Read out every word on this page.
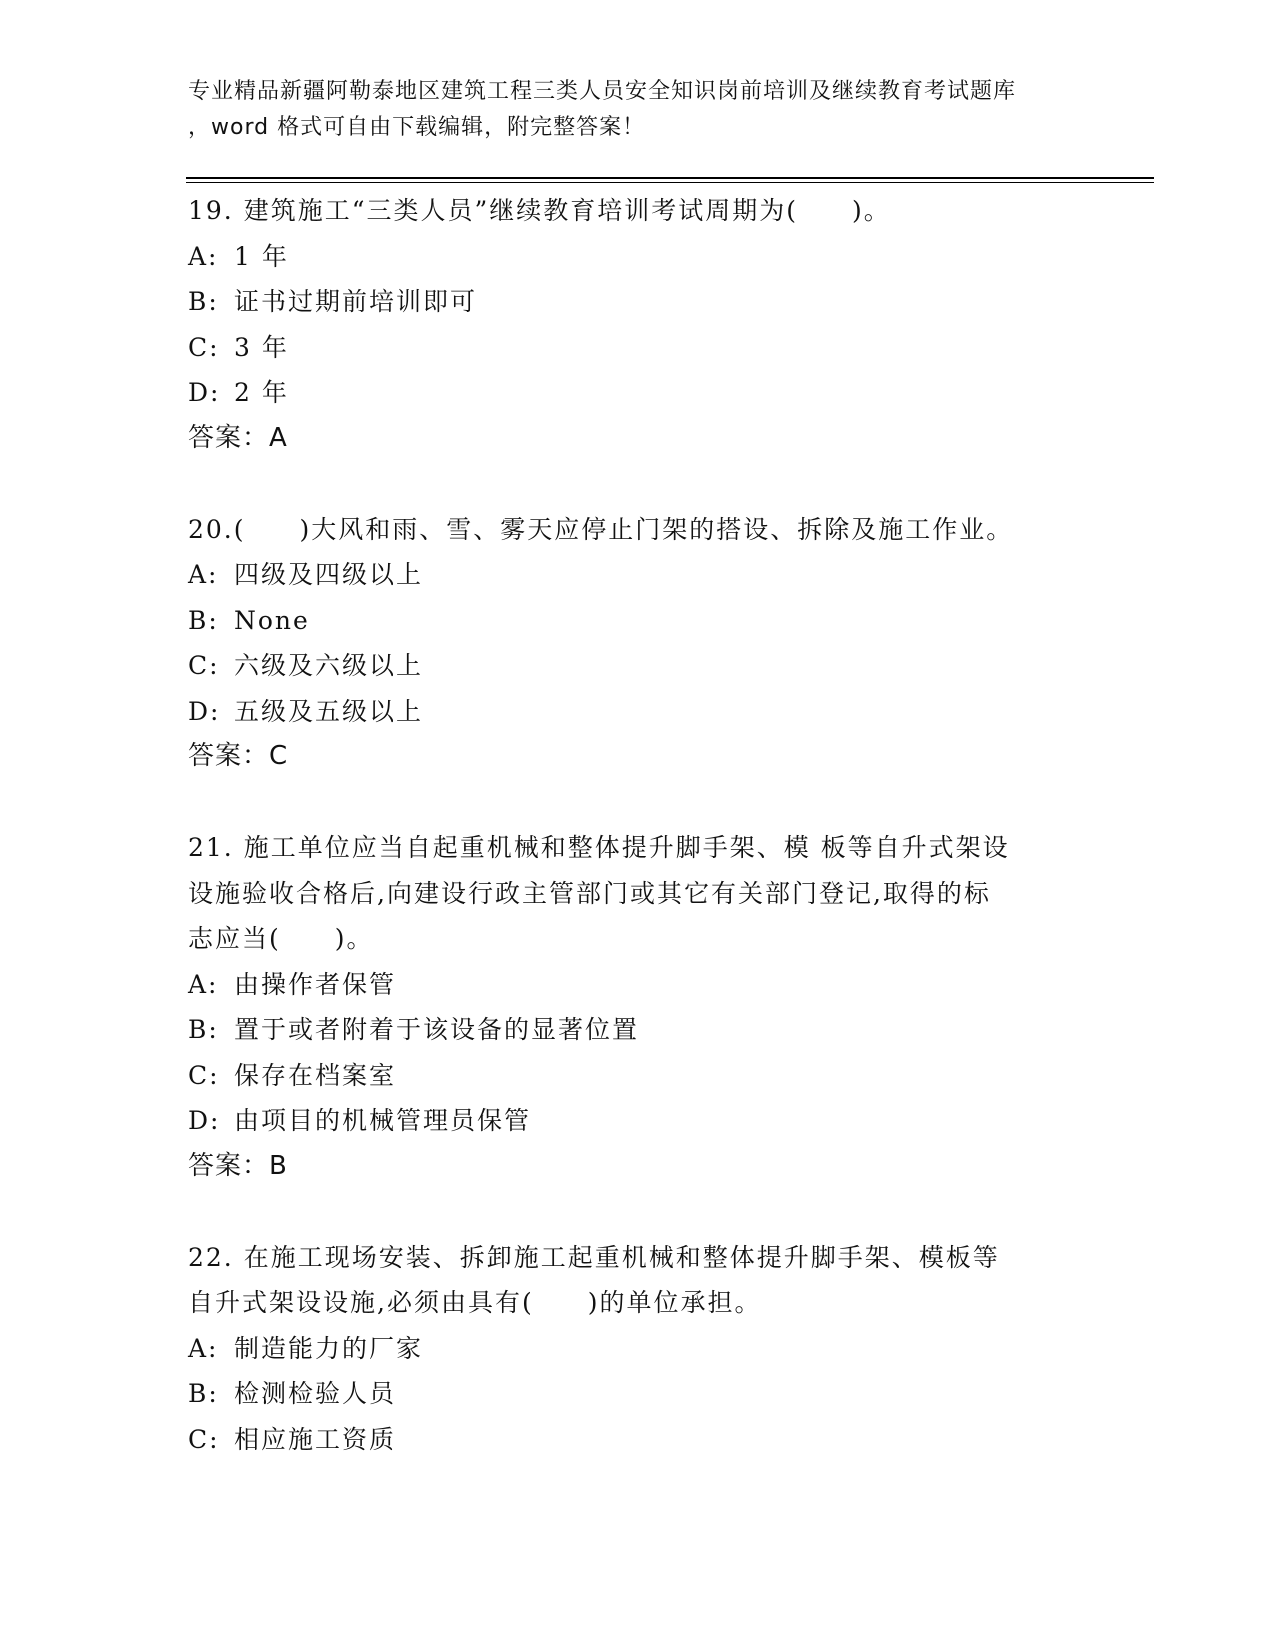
专业精品新疆阿勒泰地区建筑工程三类人员安全知识岗前培训及继续教育考试题库
，word 格式可自由下载编辑，附完整答案！
19. 建筑施工“三类人员”继续教育培训考试周期为(　　)。
A: 1 年
B: 证书过期前培训即可
C: 3 年
D: 2 年
答案：A
20.(　　)大风和雨、雪、雾天应停止门架的搭设、拆除及施工作业。
A: 四级及四级以上
B: None
C: 六级及六级以上
D: 五级及五级以上
答案：C
21. 施工单位应当自起重机械和整体提升脚手架、模 板等自升式架设
设施验收合格后,向建设行政主管部门或其它有关部门登记,取得的标
志应当(　　)。
A: 由操作者保管
B: 置于或者附着于该设备的显著位置
C: 保存在档案室
D: 由项目的机械管理员保管
答案：B
22. 在施工现场安装、拆卸施工起重机械和整体提升脚手架、模板等
自升式架设设施,必须由具有(　　)的单位承担。
A: 制造能力的厂家
B: 检测检验人员
C: 相应施工资质
